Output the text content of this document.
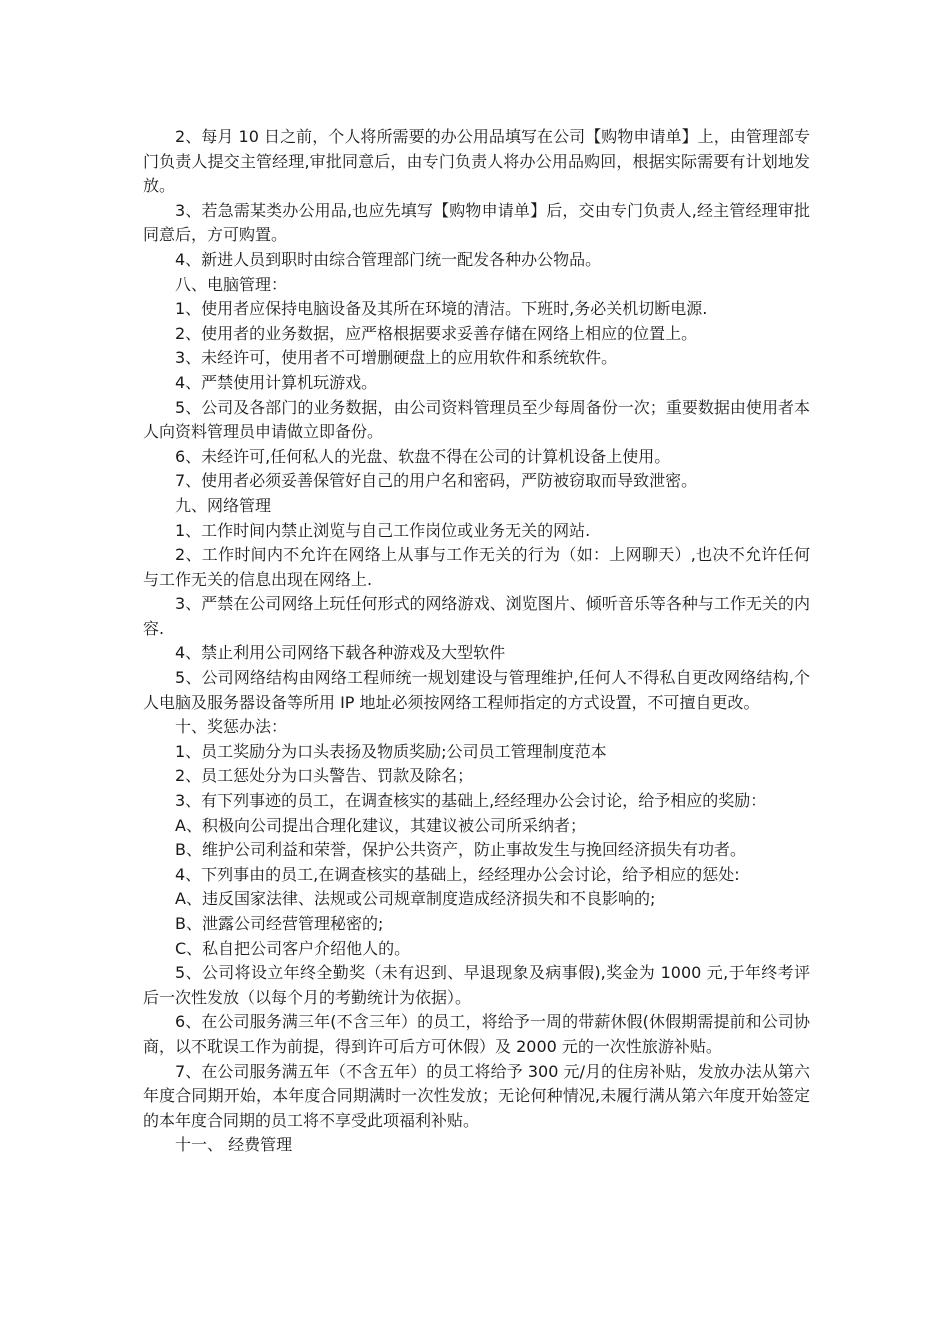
2、每月 10 日之前，个人将所需要的办公用品填写在公司【购物申请单】上，由管理部专门负责人提交主管经理,审批同意后，由专门负责人将办公用品购回，根据实际需要有计划地发放。

3、若急需某类办公用品,也应先填写【购物申请单】后，交由专门负责人,经主管经理审批同意后，方可购置。

4、新进人员到职时由综合管理部门统一配发各种办公物品。

八、电脑管理：

1、使用者应保持电脑设备及其所在环境的清洁。下班时,务必关机切断电源.

2、使用者的业务数据，应严格根据要求妥善存储在网络上相应的位置上。

3、未经许可，使用者不可增删硬盘上的应用软件和系统软件。

4、严禁使用计算机玩游戏。

5、公司及各部门的业务数据，由公司资料管理员至少每周备份一次；重要数据由使用者本人向资料管理员申请做立即备份。

6、未经许可,任何私人的光盘、软盘不得在公司的计算机设备上使用。

7、使用者必须妥善保管好自己的用户名和密码，严防被窃取而导致泄密。

九、网络管理

1、工作时间内禁止浏览与自己工作岗位或业务无关的网站.

2、工作时间内不允许在网络上从事与工作无关的行为（如：上网聊天）,也决不允许任何与工作无关的信息出现在网络上.

3、严禁在公司网络上玩任何形式的网络游戏、浏览图片、倾听音乐等各种与工作无关的内容.

4、禁止利用公司网络下载各种游戏及大型软件

5、公司网络结构由网络工程师统一规划建设与管理维护,任何人不得私自更改网络结构,个人电脑及服务器设备等所用 IP 地址必须按网络工程师指定的方式设置，不可擅自更改。

十、奖惩办法：

1、员工奖励分为口头表扬及物质奖励;公司员工管理制度范本

2、员工惩处分为口头警告、罚款及除名；

3、有下列事迹的员工，在调查核实的基础上,经经理办公会讨论，给予相应的奖励：

A、积极向公司提出合理化建议，其建议被公司所采纳者；

B、维护公司利益和荣誉，保护公共资产，防止事故发生与挽回经济损失有功者。

4、下列事由的员工,在调查核实的基础上，经经理办公会讨论，给予相应的惩处:

A、违反国家法律、法规或公司规章制度造成经济损失和不良影响的;

B、泄露公司经营管理秘密的;

C、私自把公司客户介绍他人的。

5、公司将设立年终全勤奖（未有迟到、早退现象及病事假),奖金为 1000 元,于年终考评后一次性发放（以每个月的考勤统计为依据）。

6、在公司服务满三年(不含三年）的员工，将给予一周的带薪休假(休假期需提前和公司协商，以不耽误工作为前提，得到许可后方可休假）及 2000 元的一次性旅游补贴。

7、在公司服务满五年（不含五年）的员工将给予 300 元/月的住房补贴，发放办法从第六年度合同期开始，本年度合同期满时一次性发放；无论何种情况,未履行满从第六年度开始签定的本年度合同期的员工将不享受此项福利补贴。

十一、 经费管理
